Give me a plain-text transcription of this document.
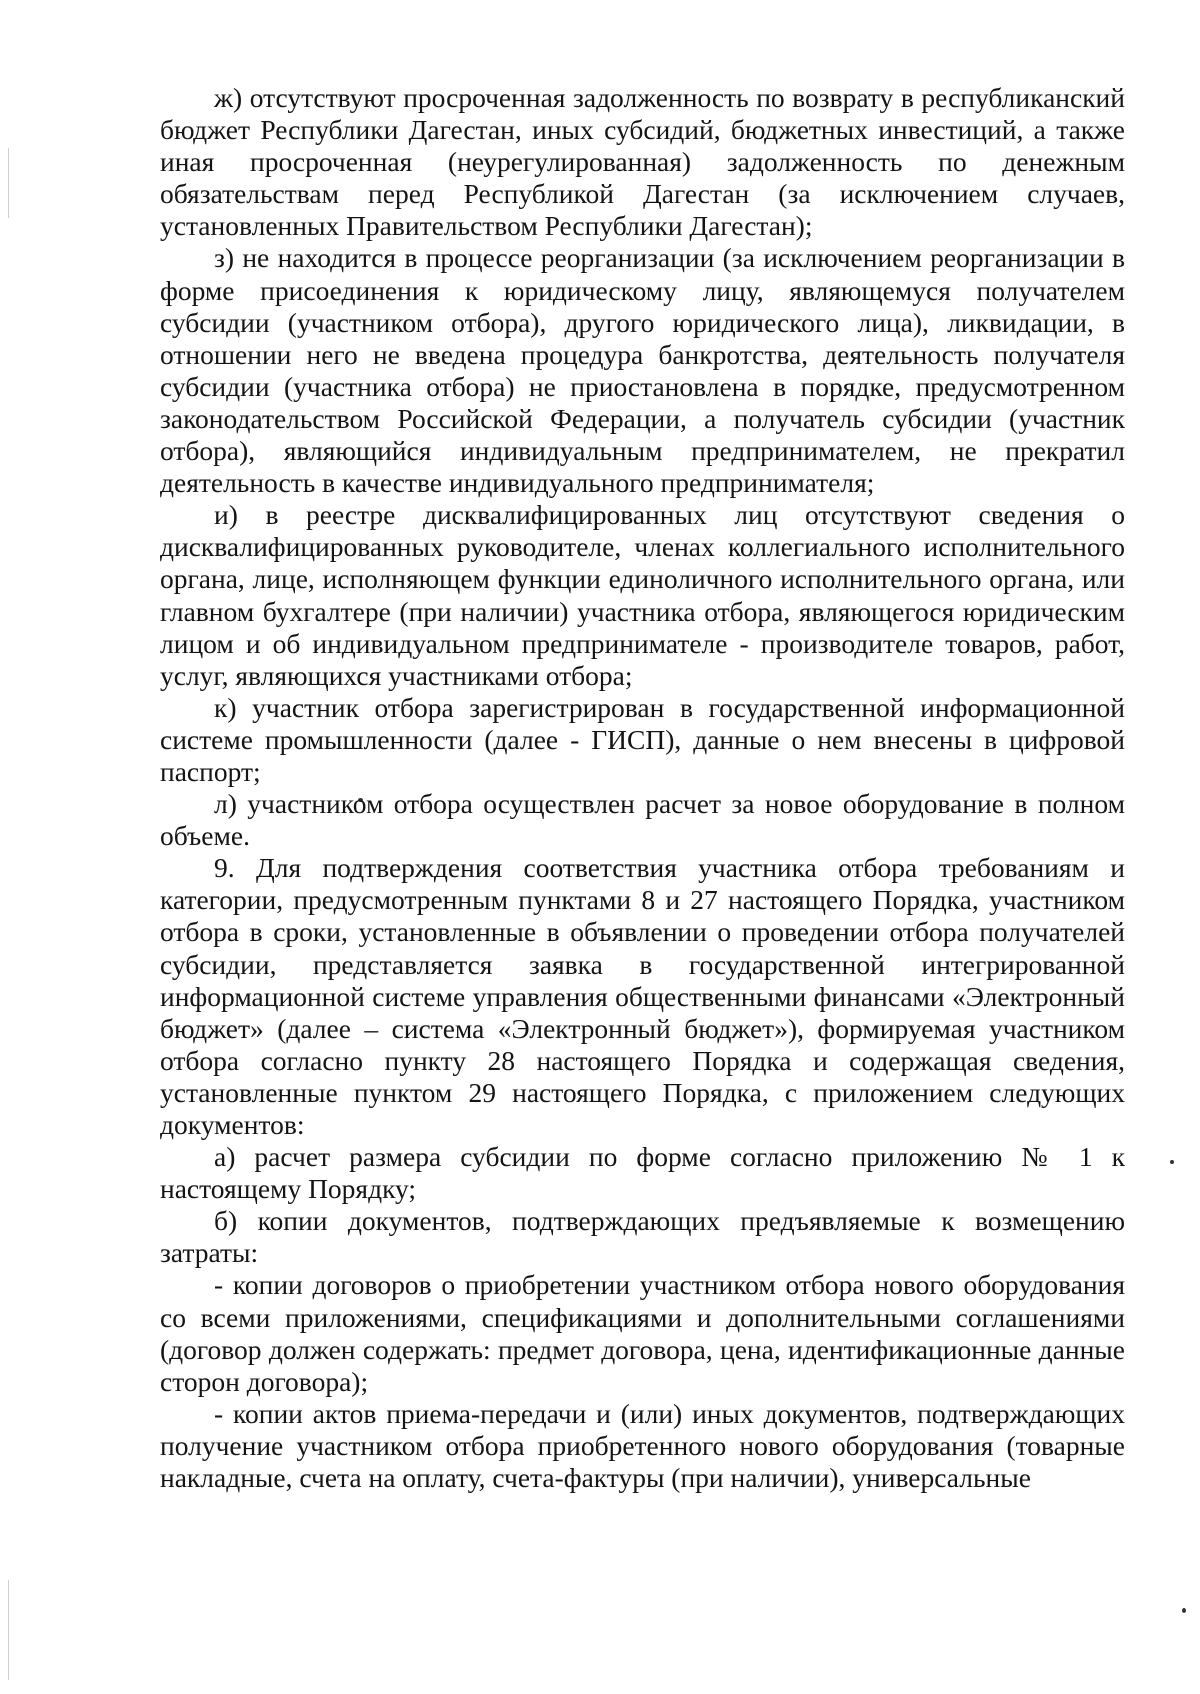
ж) отсутствуют просроченная задолженность по возврату в республиканский бюджет Республики Дагестан, иных субсидий, бюджетных инвестиций, а также иная просроченная (неурегулированная) задолженность по денежным обязательствам перед Республикой Дагестан (за исключением случаев, установленных Правительством Республики Дагестан);

з) не находится в процессе реорганизации (за исключением реорганизации в форме присоединения к юридическому лицу, являющемуся получателем субсидии (участником отбора), другого юридического лица), ликвидации, в отношении него не введена процедура банкротства, деятельность получателя субсидии (участника отбора) не приостановлена в порядке, предусмотренном законодательством Российской Федерации, а получатель субсидии (участник отбора), являющийся индивидуальным предпринимателем, не прекратил деятельность в качестве индивидуального предпринимателя;

и) в реестре дисквалифицированных лиц отсутствуют сведения о дисквалифицированных руководителе, членах коллегиального исполнительного органа, лице, исполняющем функции единоличного исполнительного органа, или главном бухгалтере (при наличии) участника отбора, являющегося юридическим лицом и об индивидуальном предпринимателе - производителе товаров, работ, услуг, являющихся участниками отбора;

к) участник отбора зарегистрирован в государственной информационной системе промышленности (далее - ГИСП), данные о нем внесены в цифровой паспорт;

л) участником отбора осуществлен расчет за новое оборудование в полном объеме.

9. Для подтверждения соответствия участника отбора требованиям и категории, предусмотренным пунктами 8 и 27 настоящего Порядка, участником отбора в сроки, установленные в объявлении о проведении отбора получателей субсидии, представляется заявка в государственной интегрированной информационной системе управления общественными финансами «Электронный бюджет» (далее – система «Электронный бюджет»), формируемая участником отбора согласно пункту 28 настоящего Порядка и содержащая сведения, установленные пунктом 29 настоящего Порядка, с приложением следующих документов:

а) расчет размера субсидии по форме согласно приложению № 1 к настоящему Порядку;

б) копии документов, подтверждающих предъявляемые к возмещению затраты:

- копии договоров о приобретении участником отбора нового оборудования со всеми приложениями, спецификациями и дополнительными соглашениями (договор должен содержать: предмет договора, цена, идентификационные данные сторон договора);

- копии актов приема-передачи и (или) иных документов, подтверждающих получение участником отбора приобретенного нового оборудования (товарные накладные, счета на оплату, счета-фактуры (при наличии), универсальные
